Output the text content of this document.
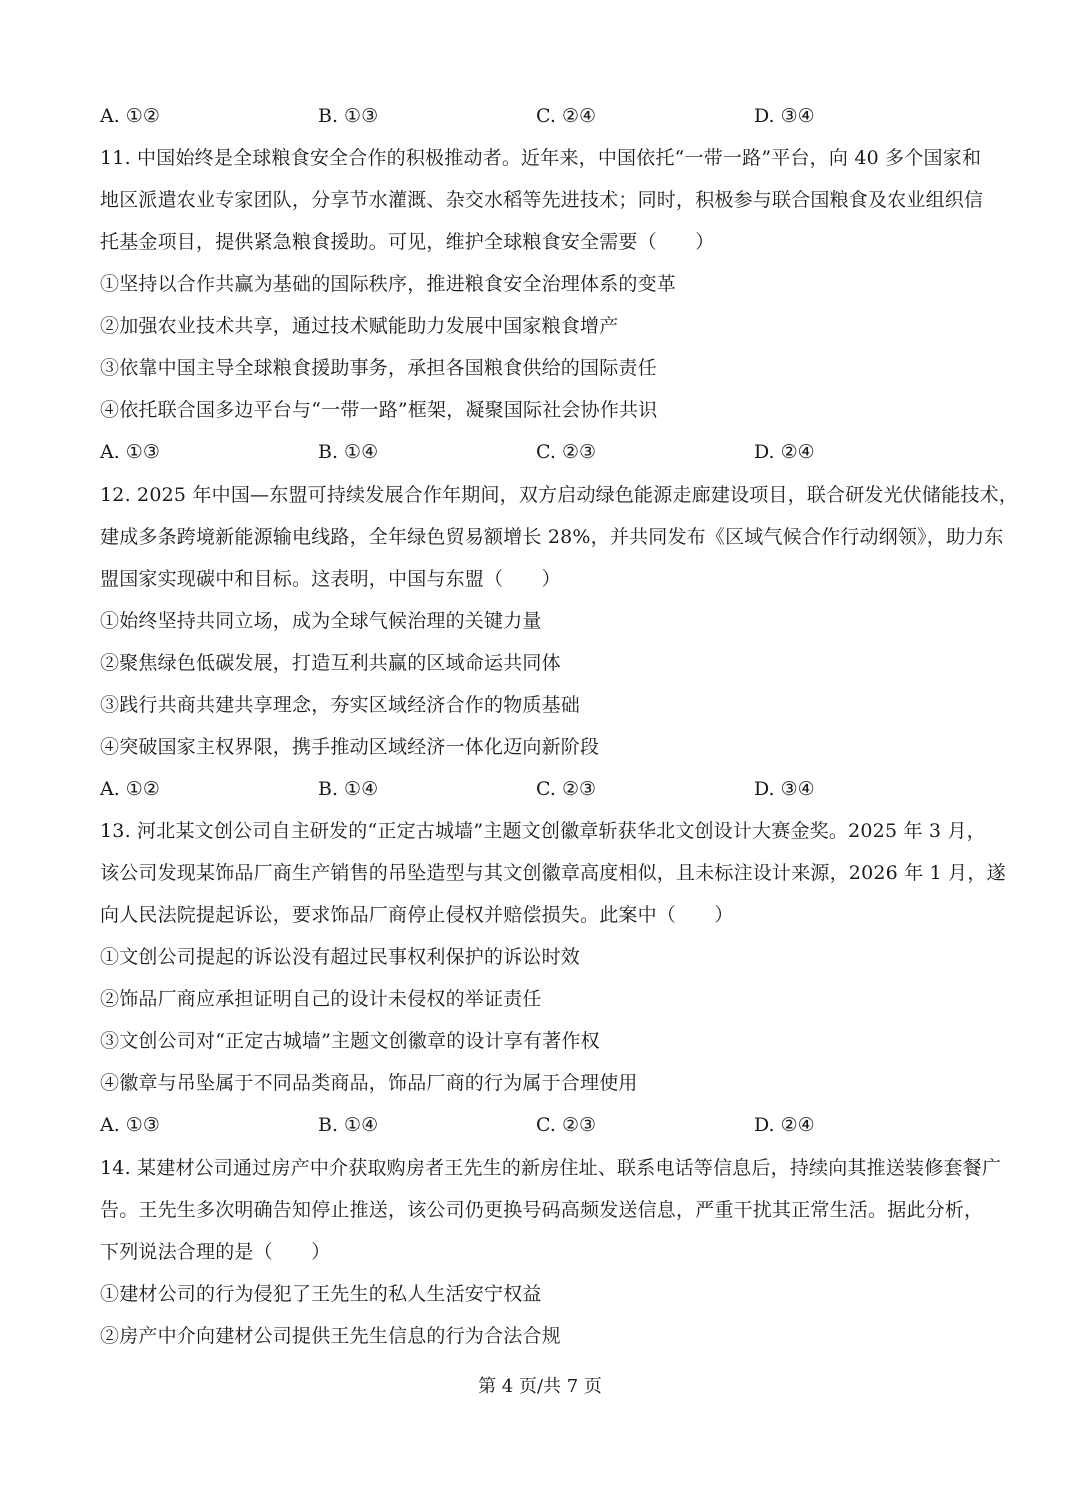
A. ①②	B. ①③	C. ②④	D. ③④
11. 中国始终是全球粮食安全合作的积极推动者。近年来，中国依托“一带一路”平台，向 40 多个国家和
地区派遣农业专家团队，分享节水灌溉、杂交水稻等先进技术；同时，积极参与联合国粮食及农业组织信
托基金项目，提供紧急粮食援助。可见，维护全球粮食安全需要（　　）
①坚持以合作共赢为基础的国际秩序，推进粮食安全治理体系的变革
②加强农业技术共享，通过技术赋能助力发展中国家粮食增产
③依靠中国主导全球粮食援助事务，承担各国粮食供给的国际责任
④依托联合国多边平台与“一带一路”框架，凝聚国际社会协作共识
A. ①③	B. ①④	C. ②③	D. ②④
12. 2025 年中国—东盟可持续发展合作年期间，双方启动绿色能源走廊建设项目，联合研发光伏储能技术，
建成多条跨境新能源输电线路，全年绿色贸易额增长 28%，并共同发布《区域气候合作行动纲领》，助力东
盟国家实现碳中和目标。这表明，中国与东盟（　　）
①始终坚持共同立场，成为全球气候治理的关键力量
②聚焦绿色低碳发展，打造互利共赢的区域命运共同体
③践行共商共建共享理念，夯实区域经济合作的物质基础
④突破国家主权界限，携手推动区域经济一体化迈向新阶段
A. ①②	B. ①④	C. ②③	D. ③④
13. 河北某文创公司自主研发的“正定古城墙”主题文创徽章斩获华北文创设计大赛金奖。2025 年 3 月，
该公司发现某饰品厂商生产销售的吊坠造型与其文创徽章高度相似，且未标注设计来源，2026 年 1 月，遂
向人民法院提起诉讼，要求饰品厂商停止侵权并赔偿损失。此案中（　　）
①文创公司提起的诉讼没有超过民事权利保护的诉讼时效
②饰品厂商应承担证明自己的设计未侵权的举证责任
③文创公司对“正定古城墙”主题文创徽章的设计享有著作权
④徽章与吊坠属于不同品类商品，饰品厂商的行为属于合理使用
A. ①③	B. ①④	C. ②③	D. ②④
14. 某建材公司通过房产中介获取购房者王先生的新房住址、联系电话等信息后，持续向其推送装修套餐广
告。王先生多次明确告知停止推送，该公司仍更换号码高频发送信息，严重干扰其正常生活。据此分析，
下列说法合理的是（　　）
①建材公司的行为侵犯了王先生的私人生活安宁权益
②房产中介向建材公司提供王先生信息的行为合法合规
第 4 页/共 7 页
